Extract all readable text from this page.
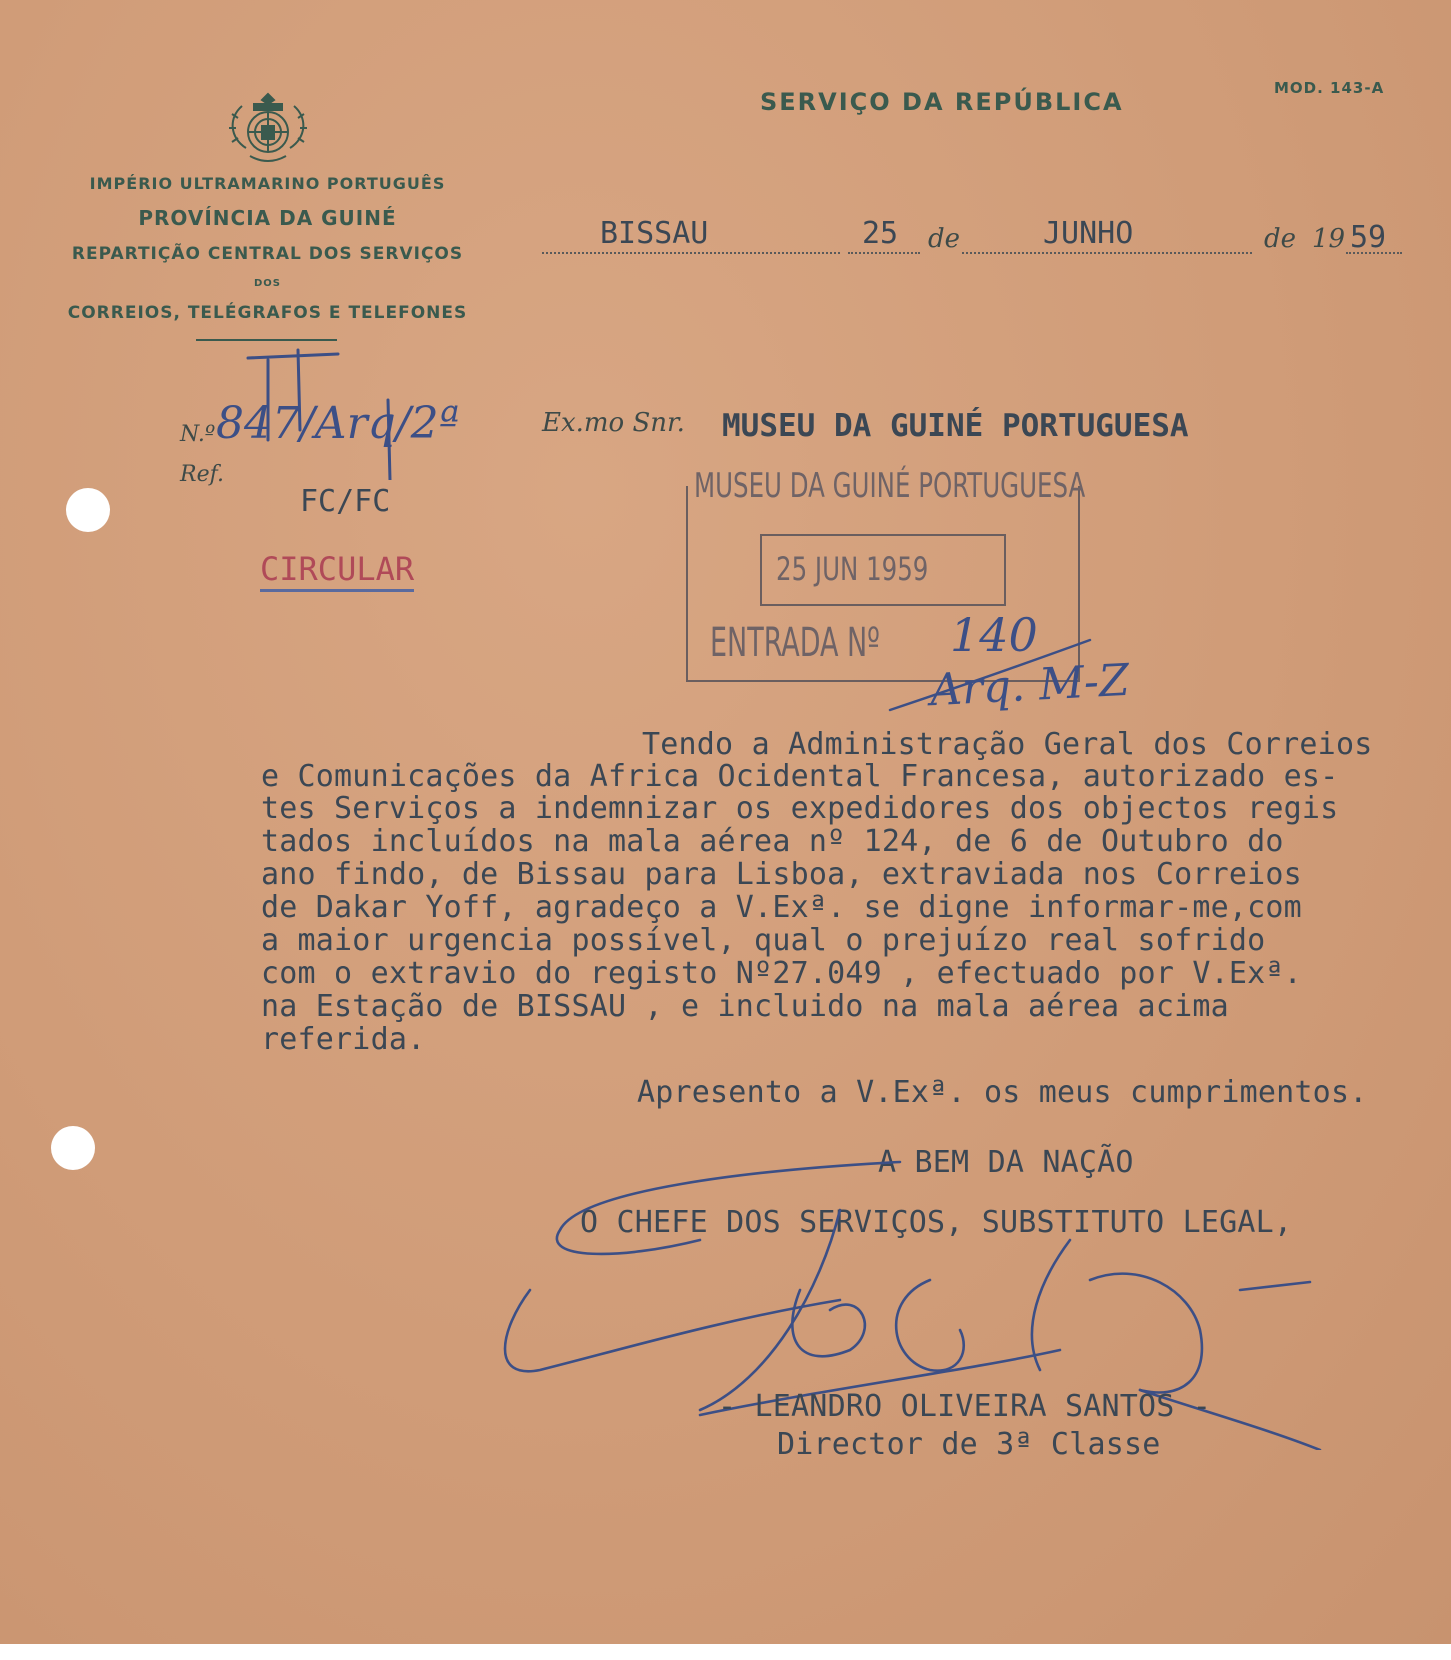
IMPÉRIO ULTRAMARINO PORTUGUÊS
PROVÍNCIA DA GUINÉ
REPARTIÇÃO CENTRAL DOS SERVIÇOS
DOS
CORREIOS, TELÉGRAFOS E TELEFONES
SERVIÇO DA REPÚBLICA	MOD. 143-A
BISSAU	25 de	JUNHO	de 19 59
N.º 847/Arq/2ª
Ref.
FC/FC
CIRCULAR
Ex.mo Snr. MUSEU DA GUINÉ PORTUGUESA
MUSEU DA GUINÉ PORTUGUESA
25 JUN 1959
ENTRADA Nº 140
Arq. M-Z
Tendo a Administração Geral dos Correios
e Comunicações da Africa Ocidental Francesa, autorizado es-
tes Serviços a indemnizar os expedidores dos objectos regis
tados incluídos na mala aérea nº 124, de 6 de Outubro do
ano findo, de Bissau para Lisboa, extraviada nos Correios
de Dakar Yoff, agradeço a V.Exª. se digne informar-me,com
a maior urgencia possível, qual o prejuízo real sofrido
com o extravio do registo Nº27.049 , efectuado por V.Exª.
na Estação de BISSAU , e incluido na mala aérea acima
referida.
Apresento a V.Exª. os meus cumprimentos.
A BEM DA NAÇÃO
O CHEFE DOS SERVIÇOS, SUBSTITUTO LEGAL,
- LEANDRO OLIVEIRA SANTOS -
Director de 3ª Classe
